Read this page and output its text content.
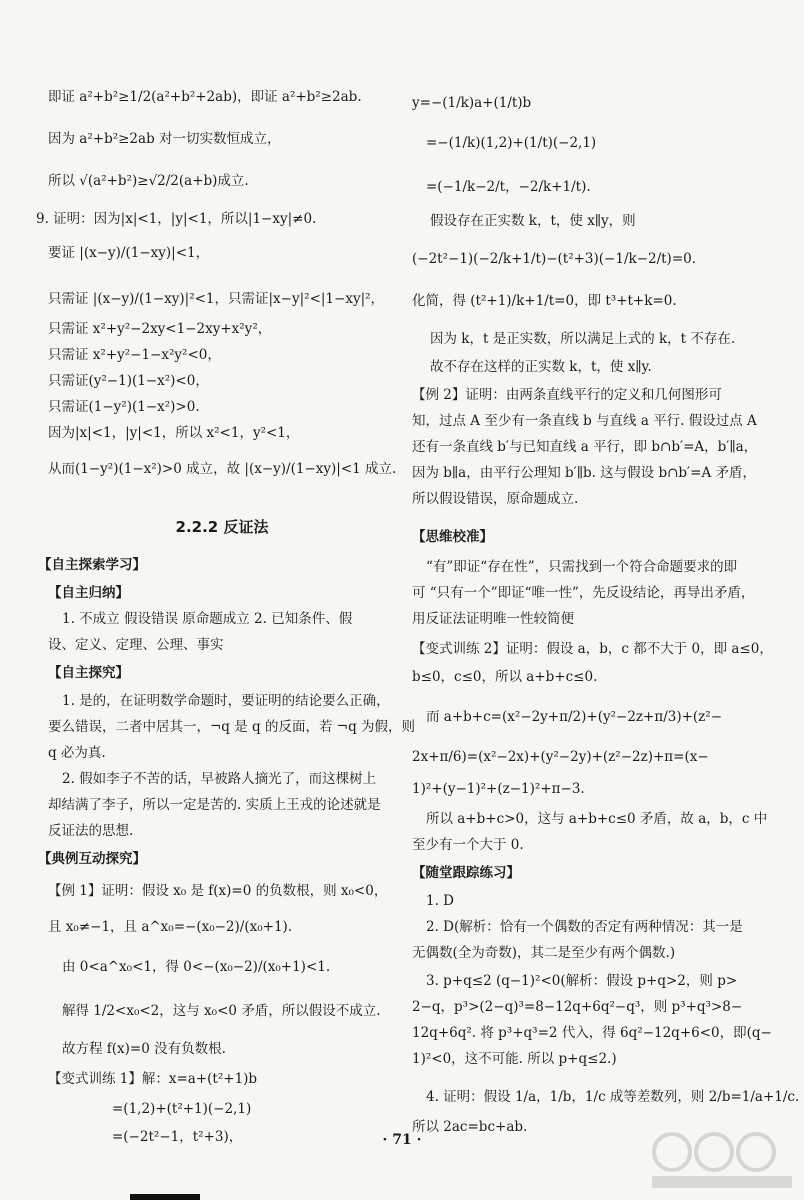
即证 a²+b²≥1/2(a²+b²+2ab)，即证 a²+b²≥2ab.
因为 a²+b²≥2ab 对一切实数恒成立，
所以 √(a²+b²)≥√2/2(a+b)成立.
9. 证明：因为|x|<1，|y|<1，所以|1−xy|≠0.
要证 |(x−y)/(1−xy)|<1，
只需证 |(x−y)/(1−xy)|²<1，只需证|x−y|²<|1−xy|²，
只需证 x²+y²−2xy<1−2xy+x²y²，
只需证 x²+y²−1−x²y²<0，
只需证(y²−1)(1−x²)<0，
只需证(1−y²)(1−x²)>0.
因为|x|<1，|y|<1，所以 x²<1，y²<1，
从而(1−y²)(1−x²)>0 成立，故 |(x−y)/(1−xy)|<1 成立.
2.2.2 反证法
【自主探索学习】
【自主归纳】
1. 不成立 假设错误 原命题成立 2. 已知条件、假
设、定义、定理、公理、事实
【自主探究】
1. 是的，在证明数学命题时，要证明的结论要么正确，
要么错误，二者中居其一，¬q 是 q 的反面，若 ¬q 为假，则
q 必为真.
2. 假如李子不苦的话，早被路人摘光了，而这棵树上
却结满了李子，所以一定是苦的. 实质上王戎的论述就是
反证法的思想.
【典例互动探究】
【例 1】证明：假设 x₀ 是 f(x)=0 的负数根，则 x₀<0，
且 x₀≠−1，且 a^x₀=−(x₀−2)/(x₀+1).
由 0<a^x₀<1，得 0<−(x₀−2)/(x₀+1)<1.
解得 1/2<x₀<2，这与 x₀<0 矛盾，所以假设不成立.
故方程 f(x)=0 没有负数根.
【变式训练 1】解：x=a+(t²+1)b
=(1,2)+(t²+1)(−2,1)
=(−2t²−1，t²+3)，
y=−(1/k)a+(1/t)b
=−(1/k)(1,2)+(1/t)(−2,1)
=(−1/k−2/t，−2/k+1/t).
假设存在正实数 k，t，使 x∥y，则
(−2t²−1)(−2/k+1/t)−(t²+3)(−1/k−2/t)=0.
化简，得 (t²+1)/k+1/t=0，即 t³+t+k=0.
因为 k，t 是正实数，所以满足上式的 k，t 不存在.
故不存在这样的正实数 k，t，使 x∥y.
【例 2】证明：由两条直线平行的定义和几何图形可
知，过点 A 至少有一条直线 b 与直线 a 平行. 假设过点 A
还有一条直线 b′与已知直线 a 平行，即 b∩b′=A，b′∥a，
因为 b∥a，由平行公理知 b′∥b. 这与假设 b∩b′=A 矛盾，
所以假设错误，原命题成立.
【思维校准】
“有”即证“存在性”，只需找到一个符合命题要求的即
可 “只有一个”即证“唯一性”，先反设结论，再导出矛盾，
用反证法证明唯一性较简便
【变式训练 2】证明：假设 a，b，c 都不大于 0，即 a≤0，
b≤0，c≤0，所以 a+b+c≤0.
而 a+b+c=(x²−2y+π/2)+(y²−2z+π/3)+(z²−
2x+π/6)=(x²−2x)+(y²−2y)+(z²−2z)+π=(x−
1)²+(y−1)²+(z−1)²+π−3.
所以 a+b+c>0，这与 a+b+c≤0 矛盾，故 a，b，c 中
至少有一个大于 0.
【随堂跟踪练习】
1. D
2. D(解析：恰有一个偶数的否定有两种情况：其一是
无偶数(全为奇数)，其二是至少有两个偶数.)
3. p+q≤2 (q−1)²<0(解析：假设 p+q>2，则 p>
2−q，p³>(2−q)³=8−12q+6q²−q³，则 p³+q³>8−
12q+6q². 将 p³+q³=2 代入，得 6q²−12q+6<0，即(q−
1)²<0，这不可能. 所以 p+q≤2.)
4. 证明：假设 1/a，1/b，1/c 成等差数列，则 2/b=1/a+1/c.
所以 2ac=bc+ab.
· 71 ·
